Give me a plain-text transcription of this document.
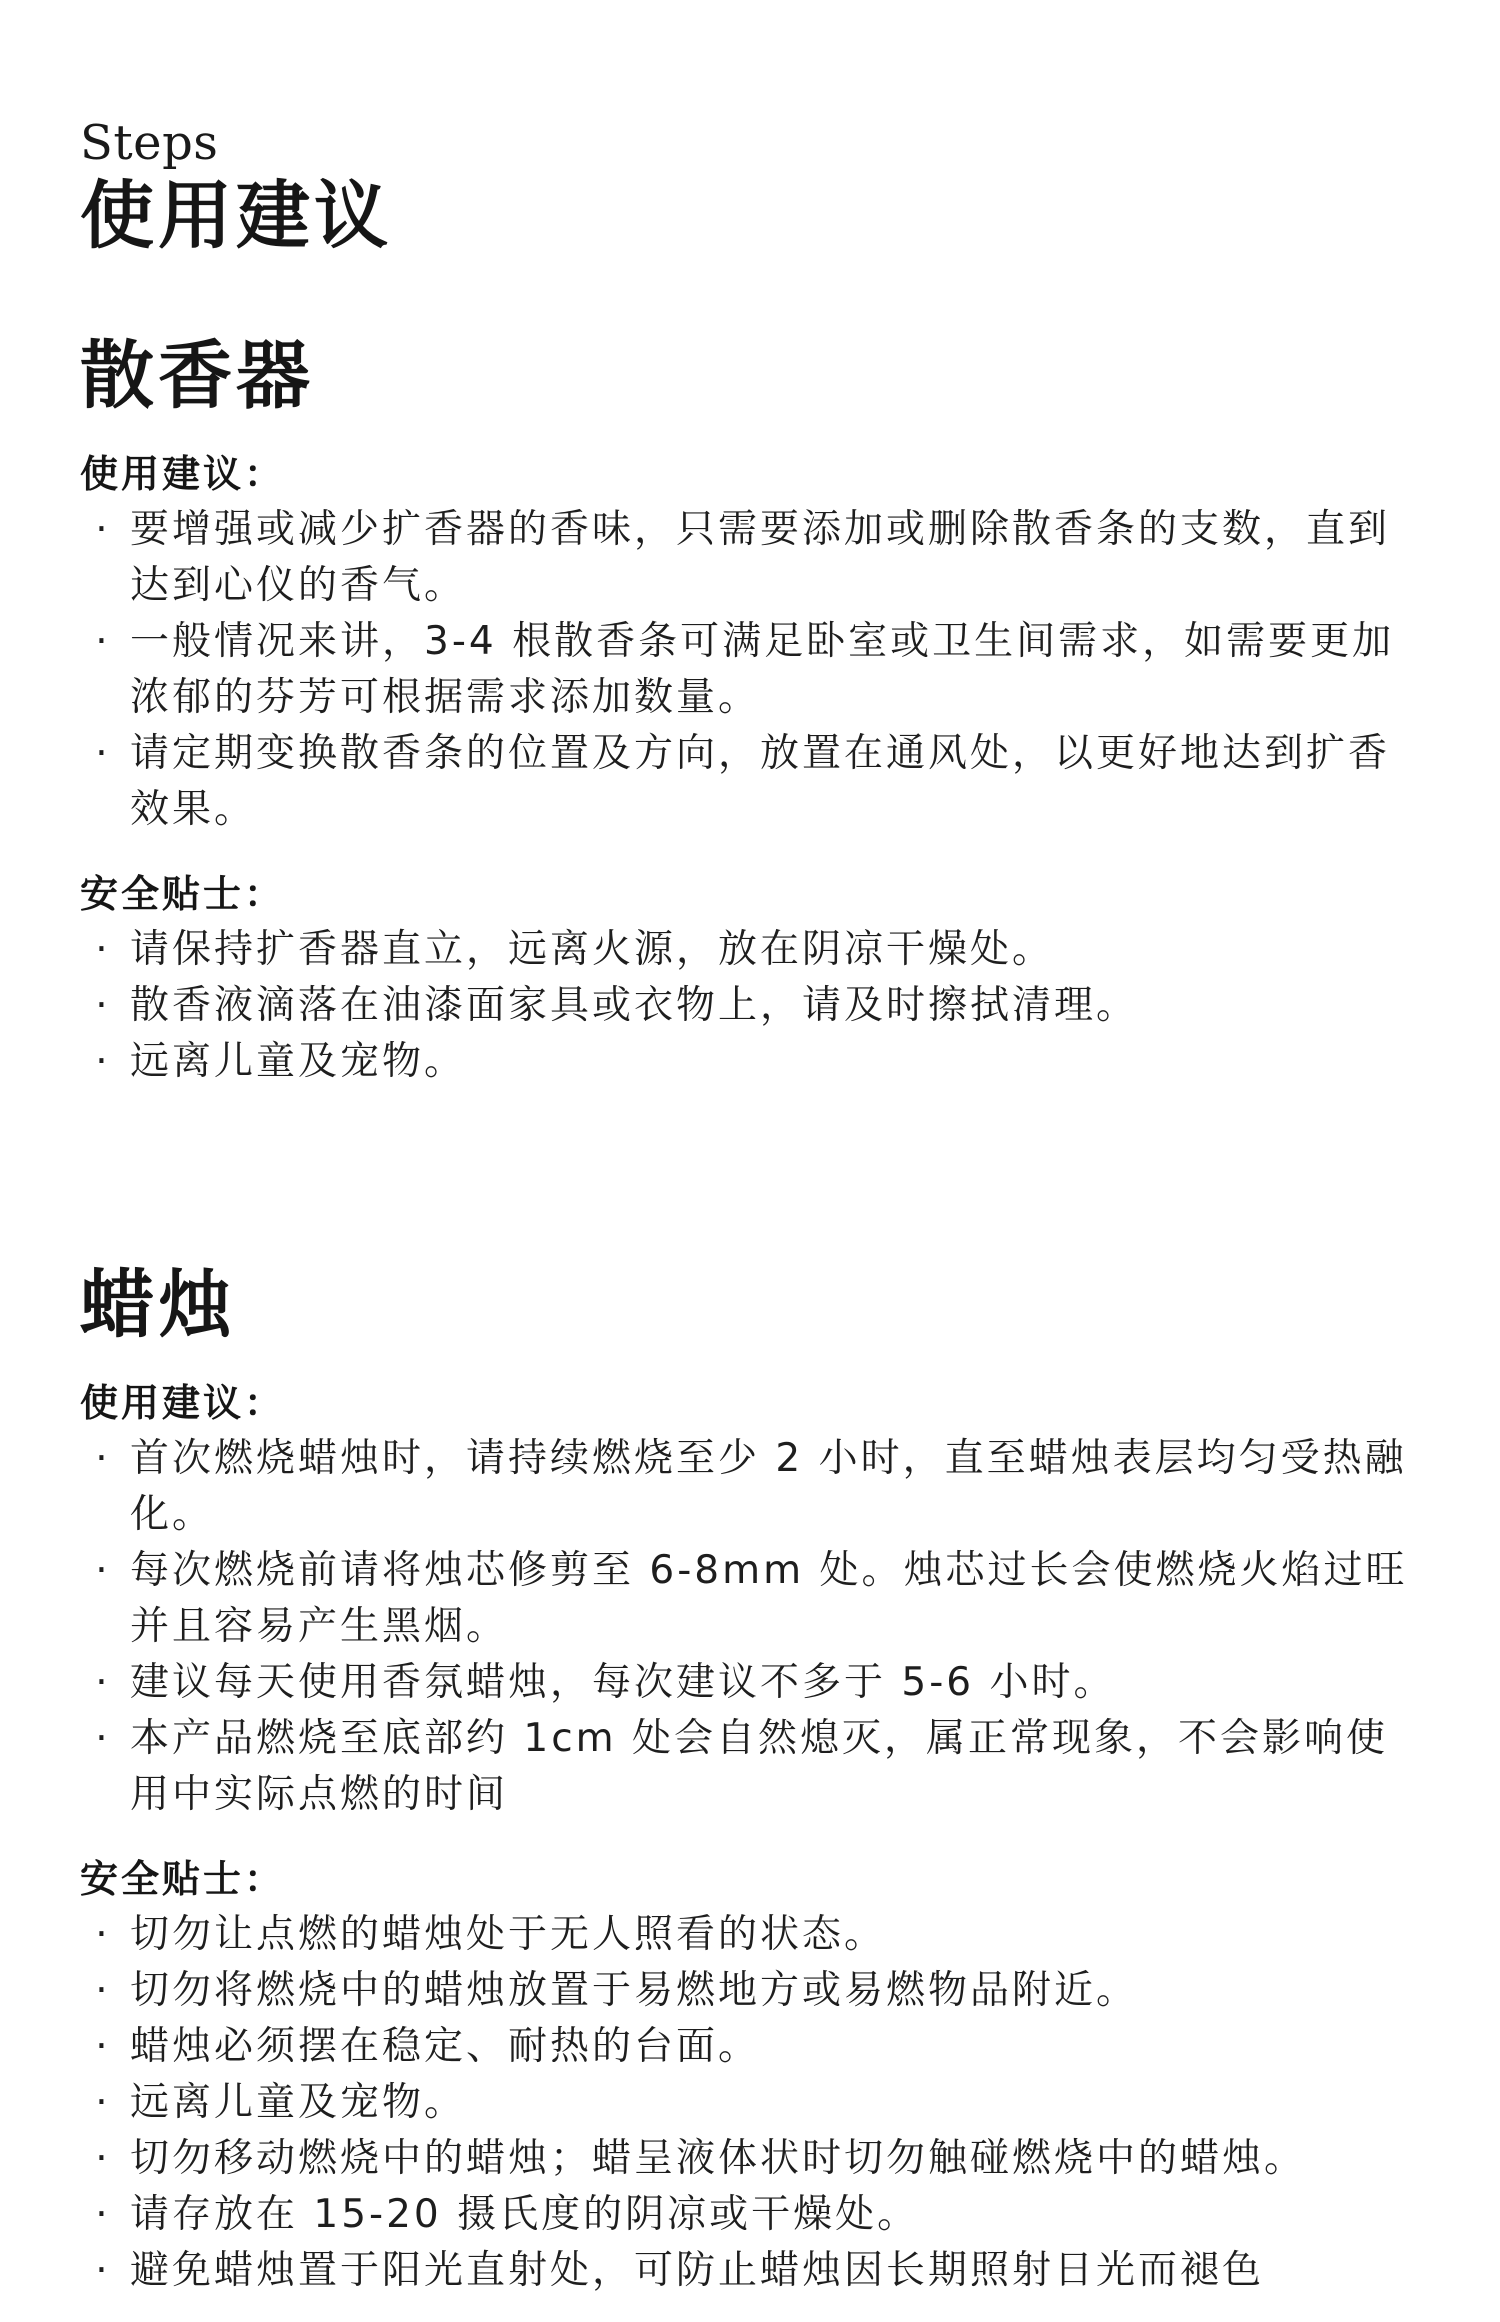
Steps

使用建议
散香器
使用建议：
· 要增强或减少扩香器的香味，只需要添加或删除散香条的支数，直到达到心仪的香气。
· 一般情况来讲，3-4 根散香条可满足卧室或卫生间需求，如需要更加浓郁的芬芳可根据需求添加数量。
· 请定期变换散香条的位置及方向，放置在通风处，以更好地达到扩香效果。
安全贴士：
· 请保持扩香器直立，远离火源，放在阴凉干燥处。
· 散香液滴落在油漆面家具或衣物上，请及时擦拭清理。
· 远离儿童及宠物。
蜡烛
使用建议：
· 首次燃烧蜡烛时，请持续燃烧至少 2 小时，直至蜡烛表层均匀受热融化。
· 每次燃烧前请将烛芯修剪至 6-8mm 处。烛芯过长会使燃烧火焰过旺并且容易产生黑烟。
· 建议每天使用香氛蜡烛，每次建议不多于 5-6 小时。
· 本产品燃烧至底部约 1cm 处会自然熄灭，属正常现象，不会影响使用中实际点燃的时间
安全贴士：
· 切勿让点燃的蜡烛处于无人照看的状态。
· 切勿将燃烧中的蜡烛放置于易燃地方或易燃物品附近。
· 蜡烛必须摆在稳定、耐热的台面。
· 远离儿童及宠物。
· 切勿移动燃烧中的蜡烛；蜡呈液体状时切勿触碰燃烧中的蜡烛。
· 请存放在 15-20 摄氏度的阴凉或干燥处。
· 避免蜡烛置于阳光直射处，可防止蜡烛因长期照射日光而褪色
